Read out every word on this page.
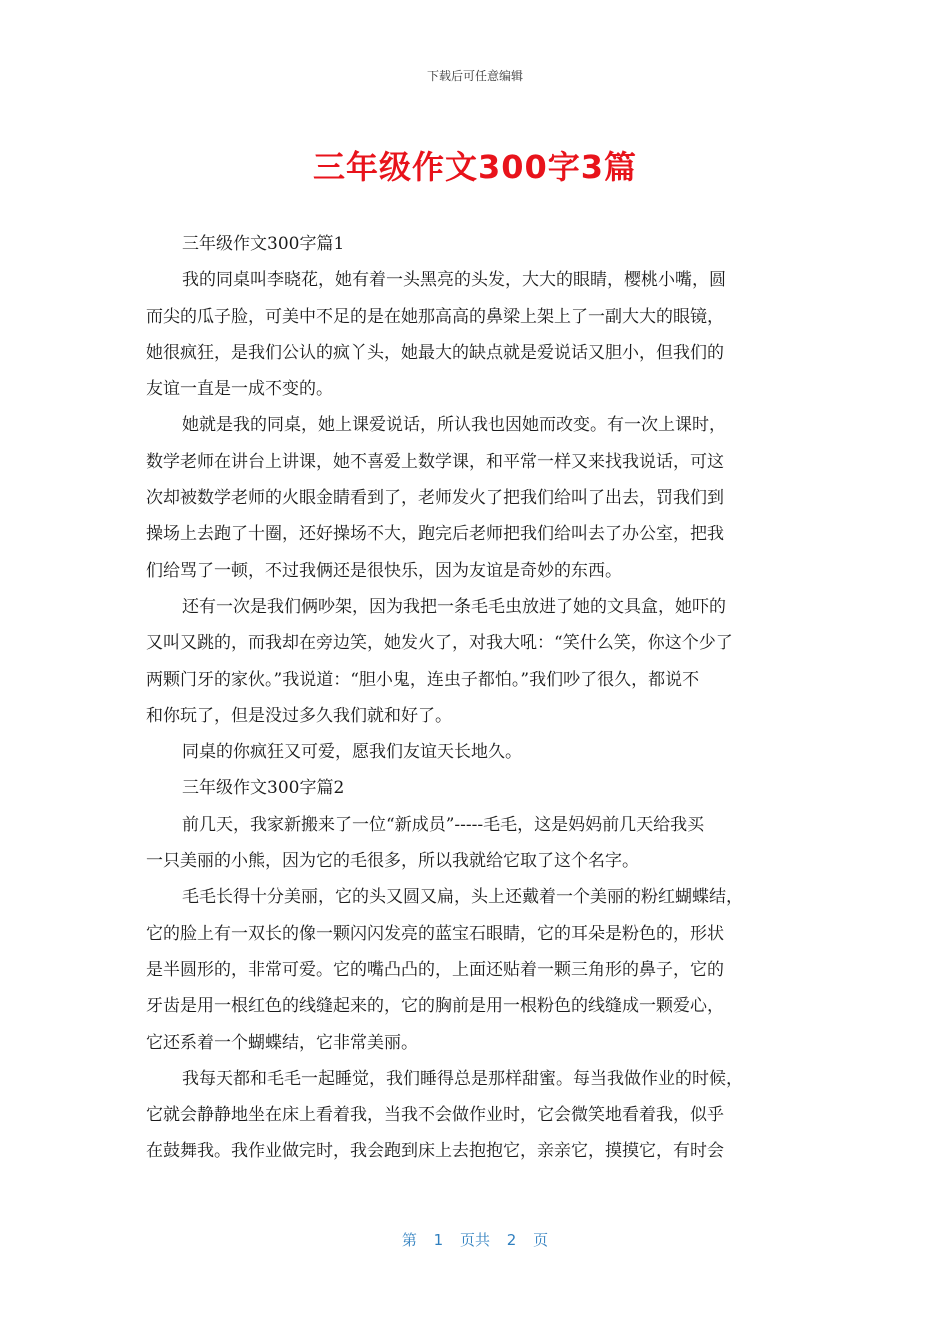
下载后可任意编辑
三年级作文300字3篇
三年级作文300字篇1
我的同桌叫李晓花，她有着一头黑亮的头发，大大的眼睛，樱桃小嘴，圆
而尖的瓜子脸，可美中不足的是在她那高高的鼻梁上架上了一副大大的眼镜，
她很疯狂，是我们公认的疯丫头，她最大的缺点就是爱说话又胆小，但我们的
友谊一直是一成不变的。
她就是我的同桌，她上课爱说话，所认我也因她而改变。有一次上课时，
数学老师在讲台上讲课，她不喜爱上数学课，和平常一样又来找我说话，可这
次却被数学老师的火眼金睛看到了，老师发火了把我们给叫了出去，罚我们到
操场上去跑了十圈，还好操场不大，跑完后老师把我们给叫去了办公室，把我
们给骂了一顿，不过我俩还是很快乐，因为友谊是奇妙的东西。
还有一次是我们俩吵架，因为我把一条毛毛虫放进了她的文具盒，她吓的
又叫又跳的，而我却在旁边笑，她发火了，对我大吼：“笑什么笑，你这个少了
两颗门牙的家伙。”我说道：“胆小鬼，连虫子都怕。”我们吵了很久，都说不
和你玩了，但是没过多久我们就和好了。
同桌的你疯狂又可爱，愿我们友谊天长地久。
三年级作文300字篇2
前几天，我家新搬来了一位“新成员”-----毛毛，这是妈妈前几天给我买
一只美丽的小熊，因为它的毛很多，所以我就给它取了这个名字。
毛毛长得十分美丽，它的头又圆又扁，头上还戴着一个美丽的粉红蝴蝶结，
它的脸上有一双长的像一颗闪闪发亮的蓝宝石眼睛，它的耳朵是粉色的，形状
是半圆形的，非常可爱。它的嘴凸凸的，上面还贴着一颗三角形的鼻子，它的
牙齿是用一根红色的线缝起来的，它的胸前是用一根粉色的线缝成一颗爱心，
它还系着一个蝴蝶结，它非常美丽。
我每天都和毛毛一起睡觉，我们睡得总是那样甜蜜。每当我做作业的时候，
它就会静静地坐在床上看着我，当我不会做作业时，它会微笑地看着我，似乎
在鼓舞我。我作业做完时，我会跑到床上去抱抱它，亲亲它，摸摸它，有时会
第 1 页共 2 页
